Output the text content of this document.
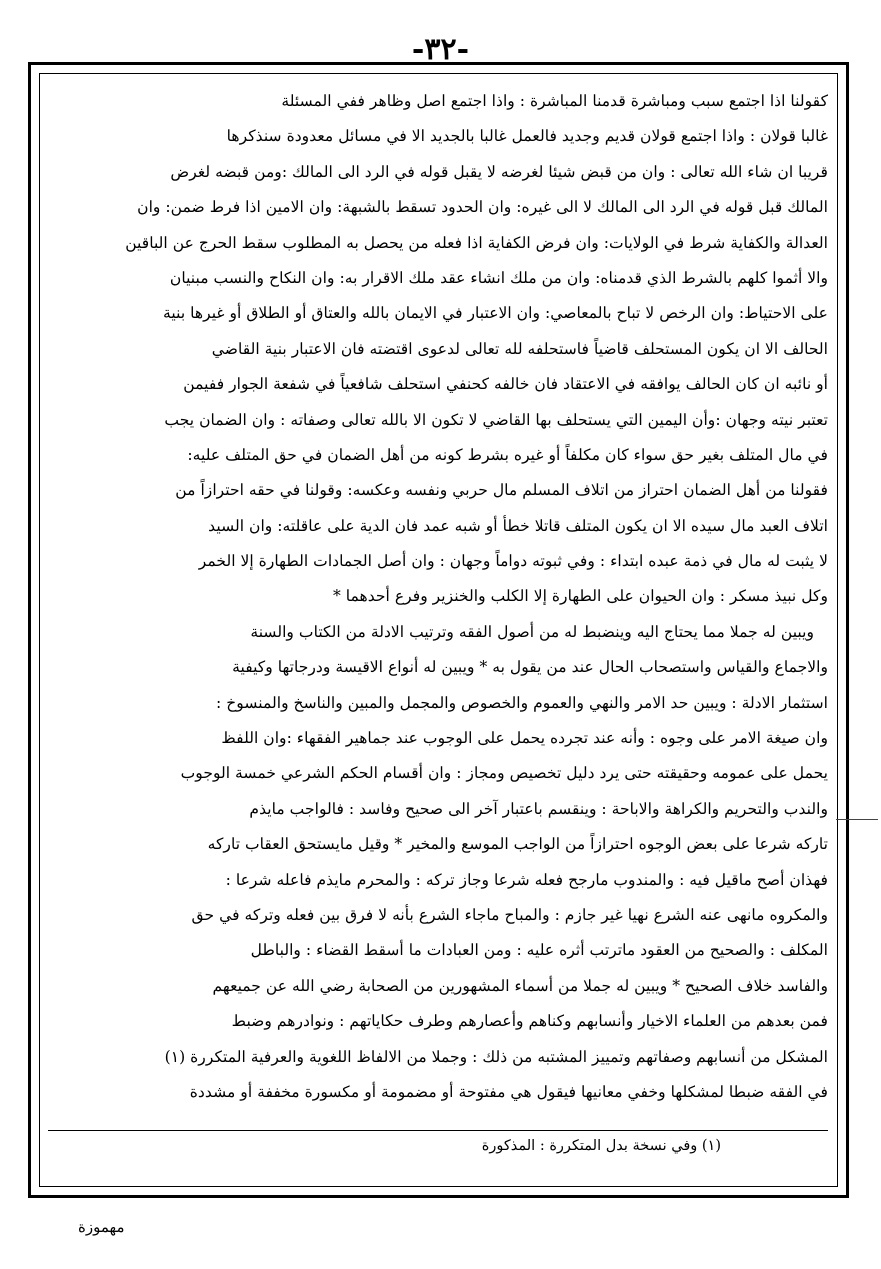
-٣٢-
كقولنا اذا اجتمع سبب ومباشرة قدمنا المباشرة : واذا اجتمع اصل وظاهر ففي المسئلة
غالبا قولان : واذا اجتمع قولان قديم وجديد فالعمل غالبا بالجديد الا في مسائل معدودة سنذكرها
قريبا ان شاء الله تعالى : وان من قبض شيئا لغرضه لا يقبل قوله في الرد الى المالك :ومن قبضه لغرض
المالك قبل قوله في الرد الى المالك لا الى غيره: وان الحدود تسقط بالشبهة: وان الامين اذا فرط ضمن: وان
العدالة والكفاية شرط في الولايات: وان فرض الكفاية اذا فعله من يحصل به المطلوب سقط الحرج عن الباقين
والا أثموا كلهم بالشرط الذي قدمناه: وان من ملك انشاء عقد ملك الاقرار به: وان النكاح والنسب مبنيان
على الاحتياط: وان الرخص لا تباح بالمعاصي: وان الاعتبار في الايمان بالله والعتاق أو الطلاق أو غيرها بنية
الحالف الا ان يكون المستحلف قاضياً فاستحلفه لله تعالى لدعوى اقتضته فان الاعتبار بنية القاضي
أو نائبه ان كان الحالف يوافقه في الاعتقاد فان خالفه كحنفي استحلف شافعياً في شفعة الجوار ففيمن
تعتبر نيته وجهان :وأن اليمين التي يستحلف بها القاضي لا تكون الا بالله تعالى وصفاته : وان الضمان يجب
في مال المتلف بغير حق سواء كان مكلفاً أو غيره بشرط كونه من أهل الضمان في حق المتلف عليه:
فقولنا من أهل الضمان احتراز من اتلاف المسلم مال حربي ونفسه وعكسه: وقولنا في حقه احترازاً من
اتلاف العبد مال سيده الا ان يكون المتلف قاتلا خطأ أو شبه عمد فان الدية على عاقلته: وان السيد
لا يثبت له مال في ذمة عبده ابتداء : وفي ثبوته دواماً وجهان : وان أصل الجمادات الطهارة إلا الخمر
وكل نبيذ مسكر : وان الحيوان على الطهارة إلا الكلب والخنزير وفرع أحدهما *
ويبين له جملا مما يحتاج اليه وينضبط له من أصول الفقه وترتيب الادلة من الكتاب والسنة
والاجماع والقياس واستصحاب الحال عند من يقول به * ويبين له أنواع الاقيسة ودرجاتها وكيفية
استثمار الادلة : ويبين حد الامر والنهي والعموم والخصوص والمجمل والمبين والناسخ والمنسوخ :
وان صيغة الامر على وجوه : وأنه عند تجرده يحمل على الوجوب عند جماهير الفقهاء :وان اللفظ
يحمل على عمومه وحقيقته حتى يرد دليل تخصيص ومجاز : وان أقسام الحكم الشرعي خمسة الوجوب
والندب والتحريم والكراهة والاباحة : وينقسم باعتبار آخر الى صحيح وفاسد : فالواجب مايذم
تاركه شرعا على بعض الوجوه احترازاً من الواجب الموسع والمخير * وقيل مايستحق العقاب تاركه
فهذان أصح ماقيل فيه : والمندوب مارجح فعله شرعا وجاز تركه : والمحرم مايذم فاعله شرعا :
والمكروه مانهى عنه الشرع نهيا غير جازم : والمباح ماجاء الشرع بأنه لا فرق بين فعله وتركه في حق
المكلف : والصحيح من العقود ماترتب أثره عليه : ومن العبادات ما أسقط القضاء : والباطل
والفاسد خلاف الصحيح * ويبين له جملا من أسماء المشهورين من الصحابة رضي الله عن جميعهم
فمن بعدهم من العلماء الاخيار وأنسابهم وكناهم وأعصارهم وطرف حكاياتهم : ونوادرهم وضبط
المشكل من أنسابهم وصفاتهم وتمييز المشتبه من ذلك : وجملا من الالفاظ اللغوية والعرفية المتكررة (١)
في الفقه ضبطا لمشكلها وخفي معانيها فيقول هي مفتوحة أو مضمومة أو مكسورة مخففة أو مشددة
(١) وفي نسخة بدل المتكررة : المذكورة
مهموزة
